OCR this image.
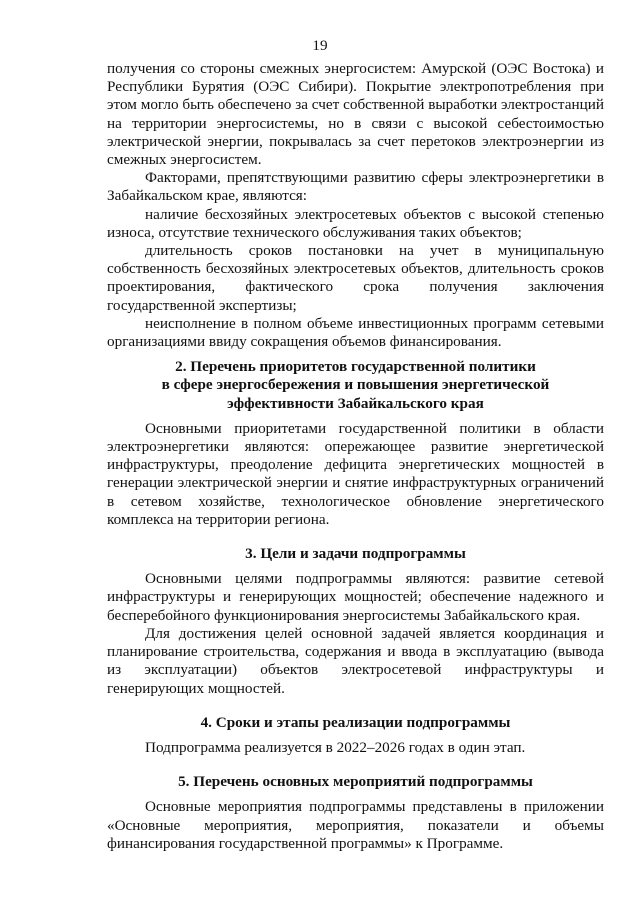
19

получения со стороны смежных энергосистем: Амурской (ОЭС Востока) и Республики Бурятия (ОЭС Сибири). Покрытие электропотребления при этом могло быть обеспечено за счет собственной выработки электростанций на территории энергосистемы, но в связи с высокой себестоимостью электрической энергии, покрывалась за счет перетоков электроэнергии из смежных энергосистем.

Факторами, препятствующими развитию сферы электроэнергетики в Забайкальском крае, являются:

наличие бесхозяйных электросетевых объектов с высокой степенью износа, отсутствие технического обслуживания таких объектов;

длительность сроков постановки на учет в муниципальную собственность бесхозяйных электросетевых объектов, длительность сроков проектирования, фактического срока получения заключения государственной экспертизы;

неисполнение в полном объеме инвестиционных программ сетевыми организациями ввиду сокращения объемов финансирования.

2. Перечень приоритетов государственной политики
в сфере энергосбережения и повышения энергетической
эффективности Забайкальского края

Основными приоритетами государственной политики в области электроэнергетики являются: опережающее развитие энергетической инфраструктуры, преодоление дефицита энергетических мощностей в генерации электрической энергии и снятие инфраструктурных ограничений в сетевом хозяйстве, технологическое обновление энергетического комплекса на территории региона.

3. Цели и задачи подпрограммы

Основными целями подпрограммы являются: развитие сетевой инфраструктуры и генерирующих мощностей; обеспечение надежного и бесперебойного функционирования энергосистемы Забайкальского края.

Для достижения целей основной задачей является координация и планирование строительства, содержания и ввода в эксплуатацию (вывода из эксплуатации) объектов электросетевой инфраструктуры и генерирующих мощностей.

4. Сроки и этапы реализации подпрограммы

Подпрограмма реализуется в 2022–2026 годах в один этап.

5. Перечень основных мероприятий подпрограммы

Основные мероприятия подпрограммы представлены в приложении «Основные мероприятия, мероприятия, показатели и объемы финансирования государственной программы» к Программе.
